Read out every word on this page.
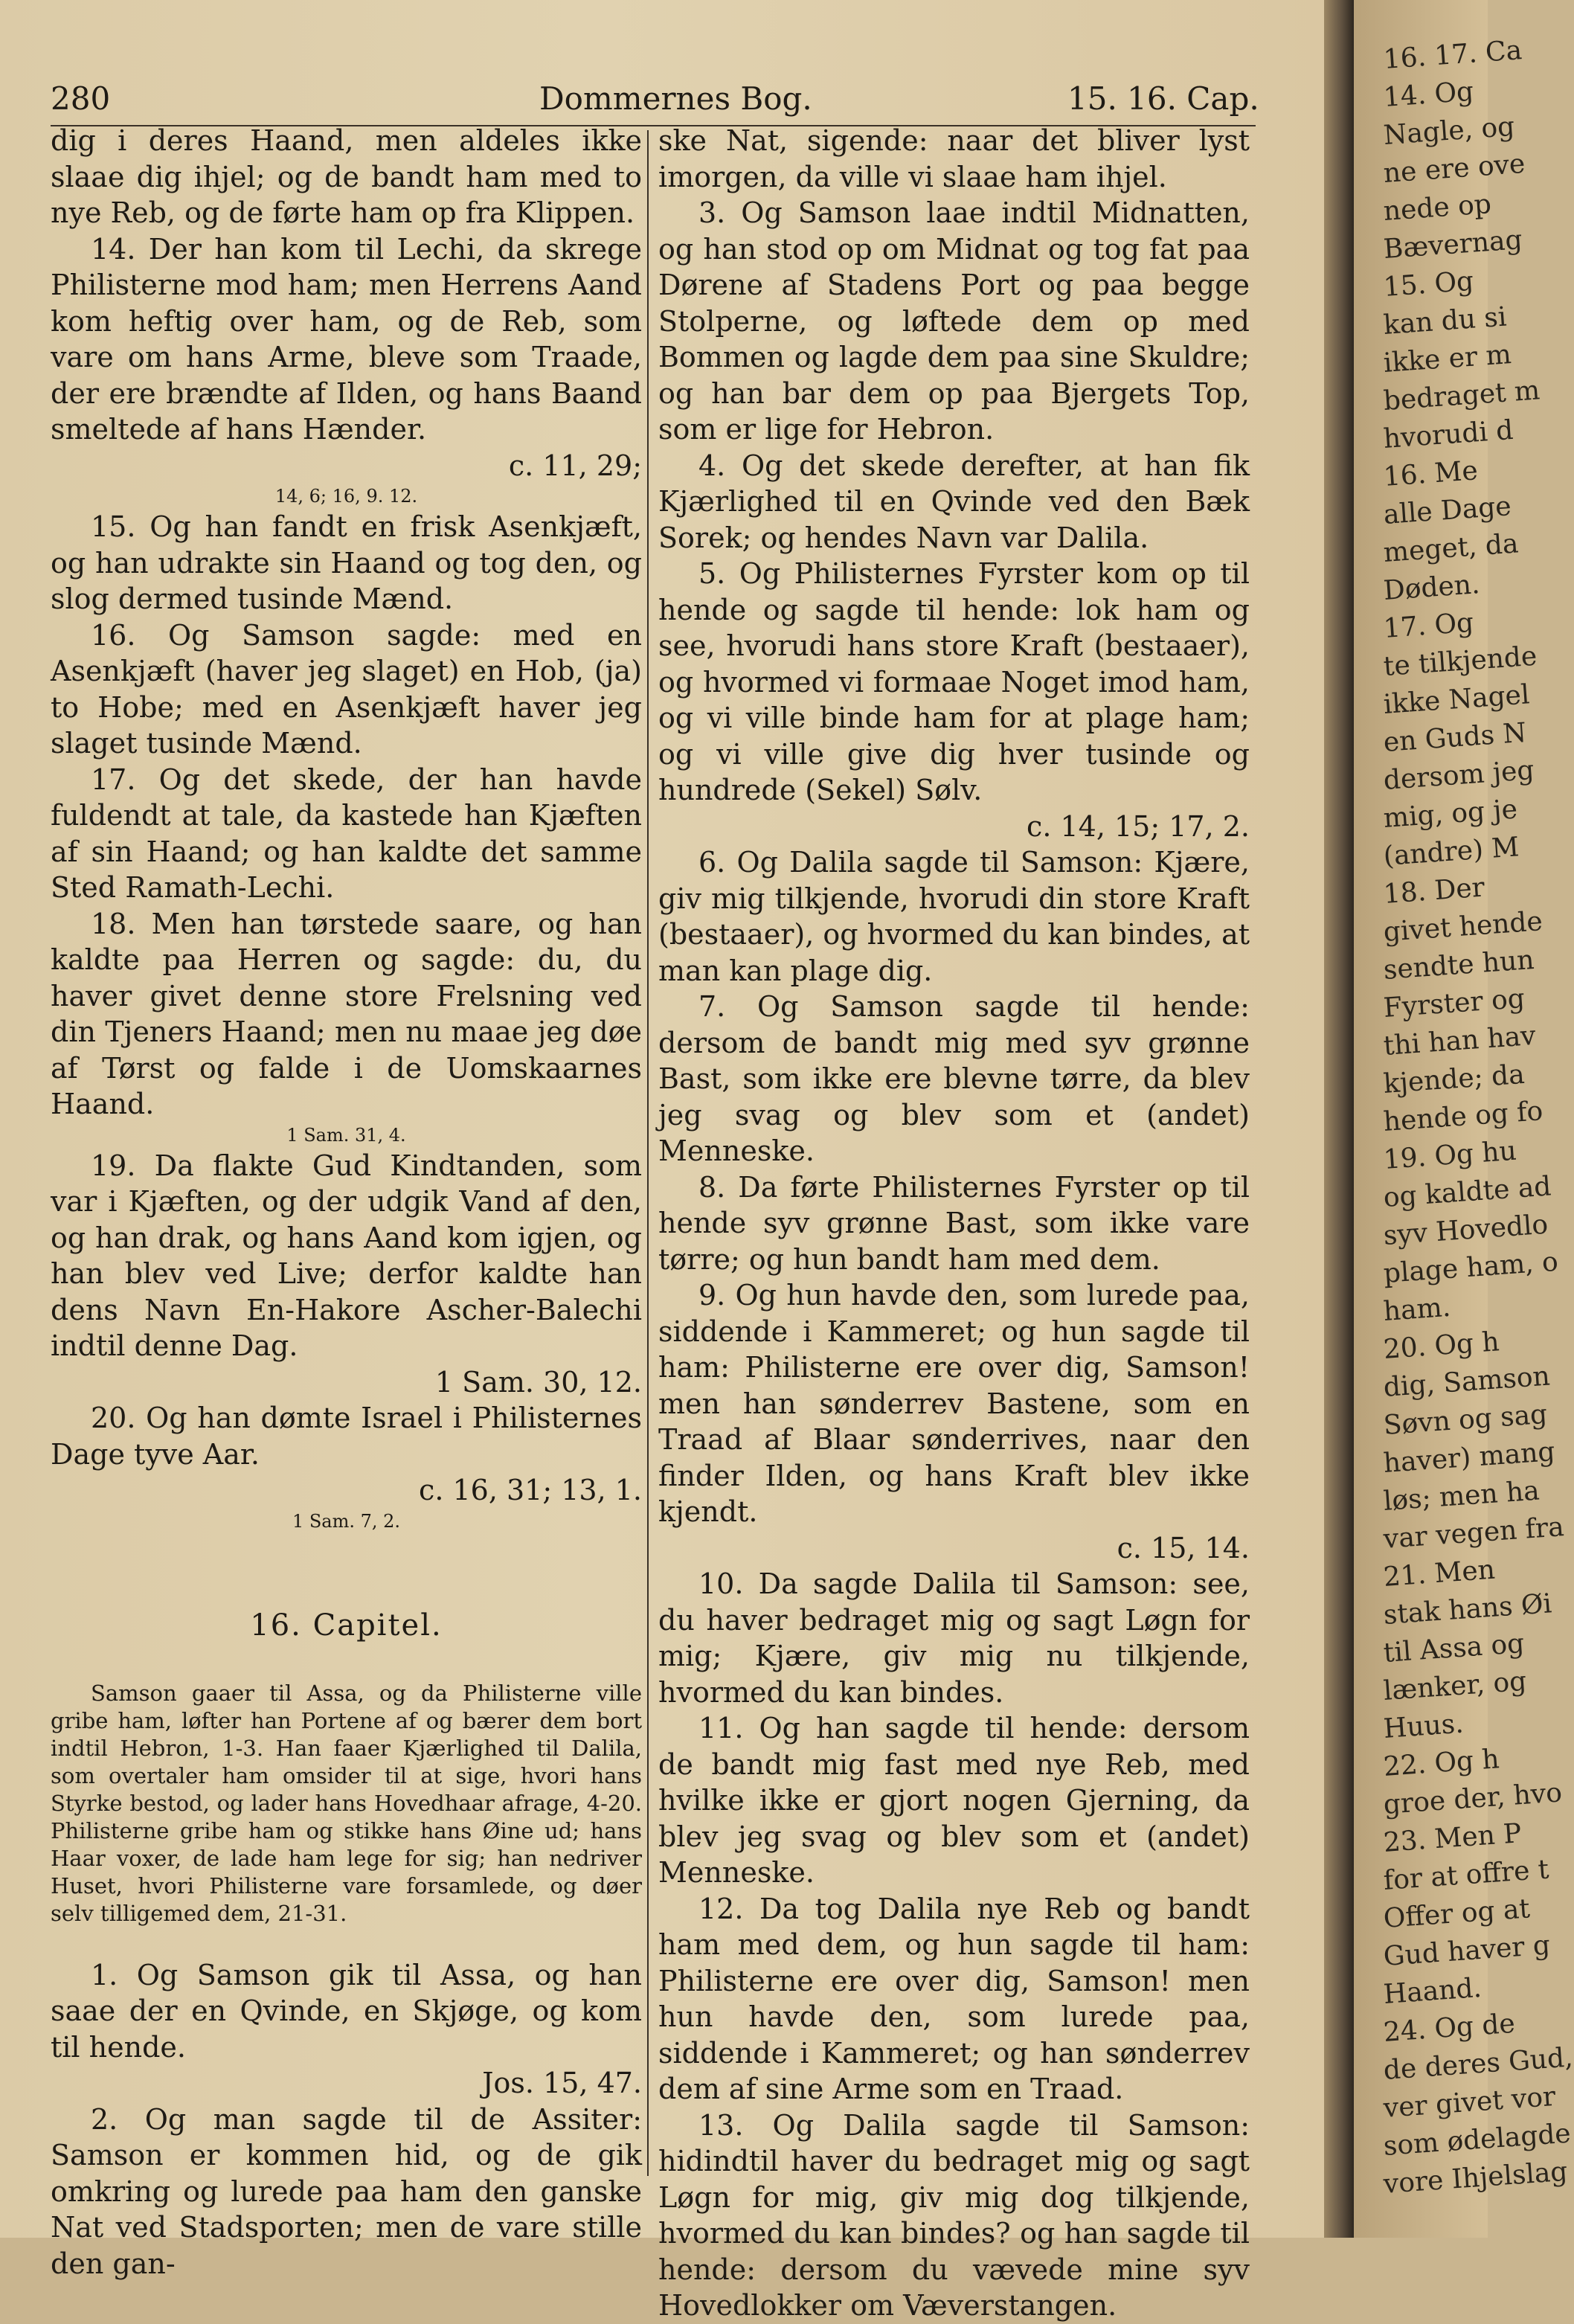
280	Dommernes Bog.	15. 16. Cap.

dig i deres Haand, men aldeles ikke slaae dig ihjel; og de bandt ham med to nye Reb, og de førte ham op fra Klippen.

14. Der han kom til Lechi, da skrege Philisterne mod ham; men Herrens Aand kom heftig over ham, og de Reb, som vare om hans Arme, bleve som Traade, der ere brændte af Ilden, og hans Baand smeltede af hans Hænder.
c. 11, 29;

14, 6; 16, 9. 12.

15. Og han fandt en frisk Asenkjæft, og han udrakte sin Haand og tog den, og slog dermed tusinde Mænd.

16. Og Samson sagde: med en Asenkjæft (haver jeg slaget) en Hob, (ja) to Hobe; med en Asenkjæft haver jeg slaget tusinde Mænd.

17. Og det skede, der han havde fuldendt at tale, da kastede han Kjæften af sin Haand; og han kaldte det samme Sted Ramath-Lechi.

18. Men han tørstede saare, og han kaldte paa Herren og sagde: du, du haver givet denne store Frelsning ved din Tjeners Haand; men nu maae jeg døe af Tørst og falde i de Uomskaarnes Haand.

1 Sam. 31, 4.

19. Da flakte Gud Kindtanden, som var i Kjæften, og der udgik Vand af den, og han drak, og hans Aand kom igjen, og han blev ved Live; derfor kaldte han dens Navn En-Hakore Ascher-Balechi indtil denne Dag.
1 Sam. 30, 12.

20. Og han dømte Israel i Philisternes Dage tyve Aar.
c. 16, 31; 13, 1.

1 Sam. 7, 2.

16. Capitel.

Samson gaaer til Assa, og da Philisterne ville gribe ham, løfter han Portene af og bærer dem bort indtil Hebron, 1-3. Han faaer Kjærlighed til Dalila, som overtaler ham omsider til at sige, hvori hans Styrke bestod, og lader hans Hovedhaar afrage, 4-20. Philisterne gribe ham og stikke hans Øine ud; hans Haar voxer, de lade ham lege for sig; han nedriver Huset, hvori Philisterne vare forsamlede, og døer selv tilligemed dem, 21-31.

1. Og Samson gik til Assa, og han saae der en Qvinde, en Skjøge, og kom til hende.
Jos. 15, 47.

2. Og man sagde til de Assiter: Samson er kommen hid, og de gik omkring og lurede paa ham den ganske Nat ved Stadsporten; men de vare stille den gan-

ske Nat, sigende: naar det bliver lyst imorgen, da ville vi slaae ham ihjel.

3. Og Samson laae indtil Midnatten, og han stod op om Midnat og tog fat paa Dørene af Stadens Port og paa begge Stolperne, og løftede dem op med Bommen og lagde dem paa sine Skuldre; og han bar dem op paa Bjergets Top, som er lige for Hebron.

4. Og det skede derefter, at han fik Kjærlighed til en Qvinde ved den Bæk Sorek; og hendes Navn var Dalila.

5. Og Philisternes Fyrster kom op til hende og sagde til hende: lok ham og see, hvorudi hans store Kraft (bestaaer), og hvormed vi formaae Noget imod ham, og vi ville binde ham for at plage ham; og vi ville give dig hver tusinde og hundrede (Sekel) Sølv.
c. 14, 15; 17, 2.

6. Og Dalila sagde til Samson: Kjære, giv mig tilkjende, hvorudi din store Kraft (bestaaer), og hvormed du kan bindes, at man kan plage dig.

7. Og Samson sagde til hende: dersom de bandt mig med syv grønne Bast, som ikke ere blevne tørre, da blev jeg svag og blev som et (andet) Menneske.

8. Da førte Philisternes Fyrster op til hende syv grønne Bast, som ikke vare tørre; og hun bandt ham med dem.

9. Og hun havde den, som lurede paa, siddende i Kammeret; og hun sagde til ham: Philisterne ere over dig, Samson! men han sønderrev Bastene, som en Traad af Blaar sønderrives, naar den finder Ilden, og hans Kraft blev ikke kjendt.
c. 15, 14.

10. Da sagde Dalila til Samson: see, du haver bedraget mig og sagt Løgn for mig; Kjære, giv mig nu tilkjende, hvormed du kan bindes.

11. Og han sagde til hende: dersom de bandt mig fast med nye Reb, med hvilke ikke er gjort nogen Gjerning, da blev jeg svag og blev som et (andet) Menneske.

12. Da tog Dalila nye Reb og bandt ham med dem, og hun sagde til ham: Philisterne ere over dig, Samson! men hun havde den, som lurede paa, siddende i Kammeret; og han sønderrev dem af sine Arme som en Traad.

13. Og Dalila sagde til Samson: hidindtil haver du bedraget mig og sagt Løgn for mig, giv mig dog tilkjende, hvormed du kan bindes? og han sagde til hende: dersom du vævede mine syv Hovedlokker om Væverstangen.

16. 17. Ca
14. Og
Nagle, og
ne ere ove
nede op
Bævernag
15. Og
kan du si
ikke er m
bedraget m
hvorudi d
16. Me
alle Dage
meget, da
Døden.
17. Og
te tilkjende
ikke Nagel
en Guds N
dersom jeg
mig, og je
(andre) M
18. Der
givet hende
sendte hun
Fyrster og
thi han hav
kjende; da
hende og fo
19. Og hu
og kaldte ad
syv Hovedlo
plage ham, o
ham.
20. Og h
dig, Samson
Søvn og sag
haver) mang
løs; men ha
var vegen fra
21. Men
stak hans Øi
til Assa og
lænker, og
Huus.
22. Og h
groe der, hvo
23. Men P
for at offre t
Offer og at
Gud haver g
Haand.
24. Og de
de deres Gud,
ver givet vor
som ødelagde
vore Ihjelslag
